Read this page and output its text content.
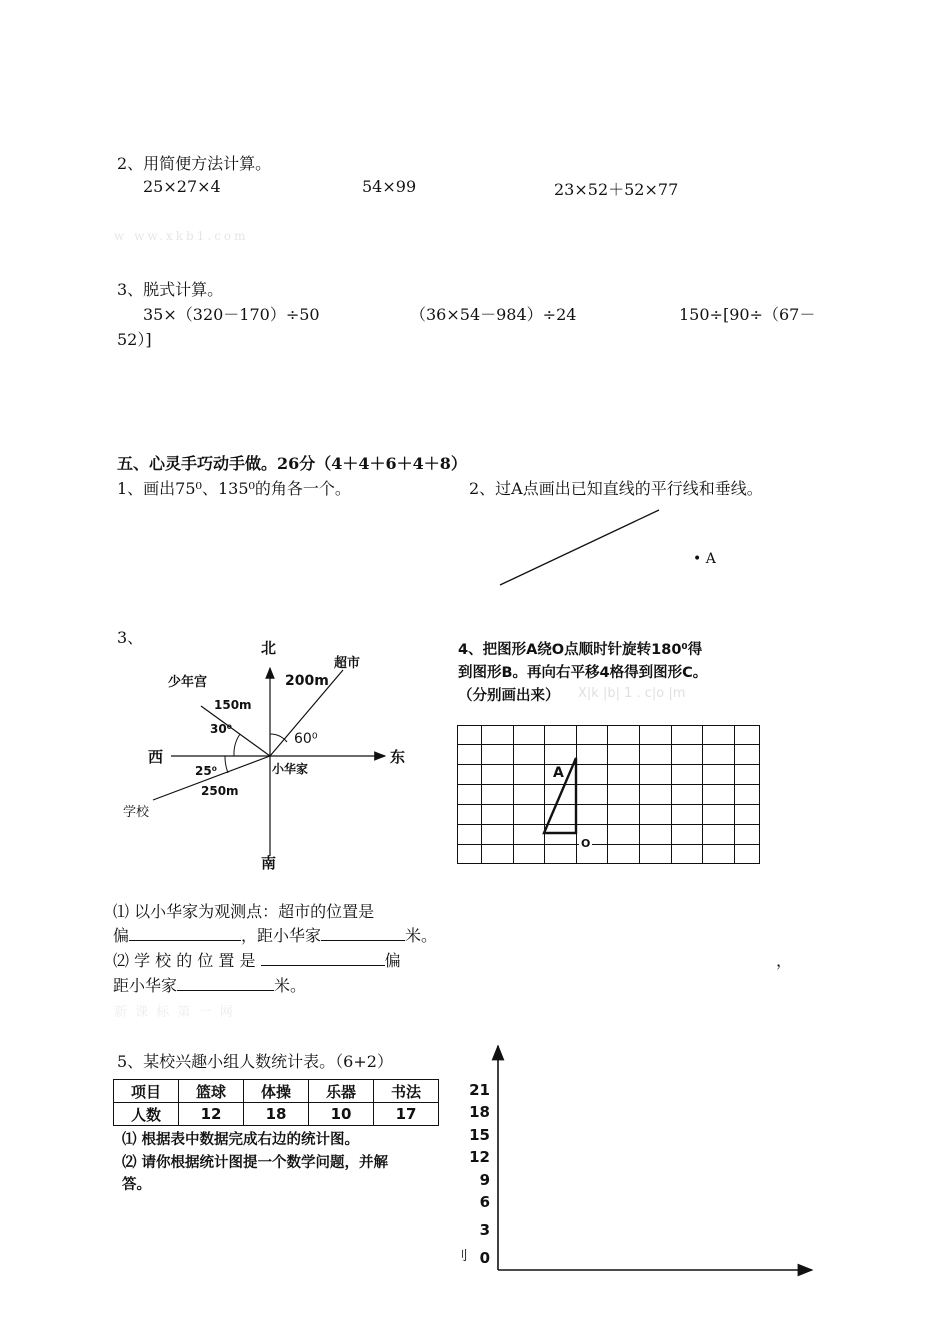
2、用简便方法计算。
25×27×4	54×99	23×52＋52×77
w ww.xkb1.com
3、脱式计算。
35×（320－170）÷50	（36×54－984）÷24	150÷[90÷（67－
52）]
五、心灵手巧动手做。26分（4＋4＋6＋4＋8）
1、画出75⁰、135⁰的角各一个。	2、过A点画出已知直线的平行线和垂线。
• A
3、
北
南
东
西
超市
200m
少年宫
150m
30⁰
60⁰
25⁰	小华家
250m
学校
4、把图形A绕O点顺时针旋转180⁰得
到图形B。再向右平移4格得到图形C。
（分别画出来） X|k |b| 1 . c|o |m
A
O
⑴ 以小华家为观测点：超市的位置是
偏	，距小华家	米。
⑵ 学 校 的 位 置 是	偏	，
距小华家	米。
新 课 标 第 一 网
5、某校兴趣小组人数统计表。（6+2）
项目	篮球	体操	乐器	书法
人数	12	18	10	17
⑴ 根据表中数据完成右边的统计图。
⑵ 请你根据统计图提一个数学问题，并解
答。
刂
21
18
15
12
9
6
3
0
